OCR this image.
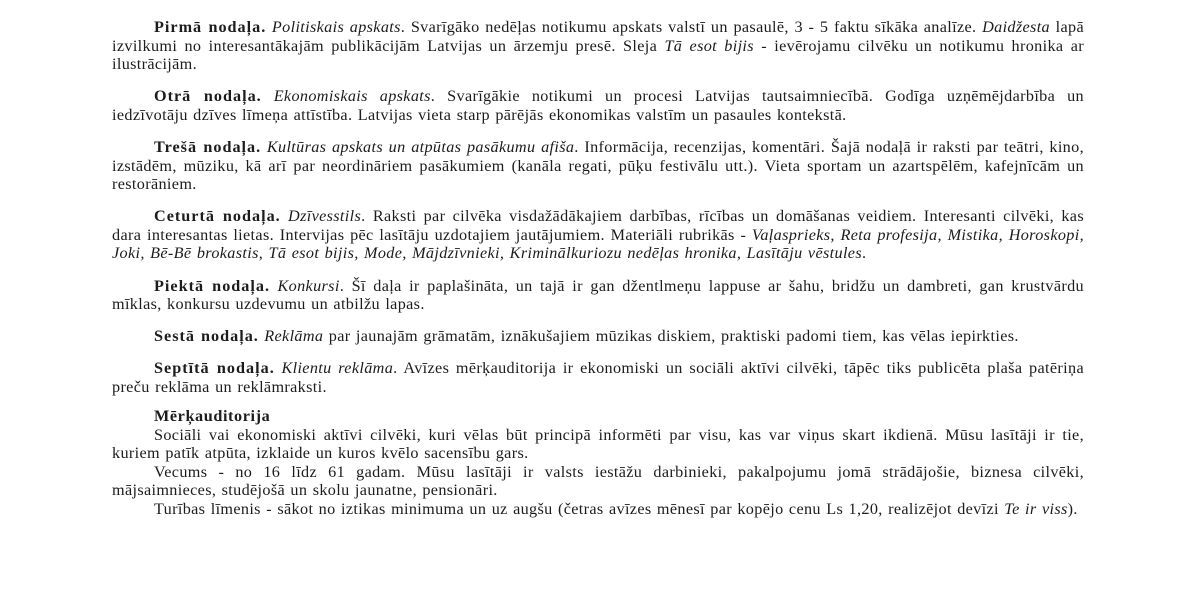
Pirmā nodaļa. Politiskais apskats. Svarīgāko nedēļas notikumu apskats valstī un pasaulē, 3 - 5 faktu sīkāka analīze. Daidžesta lapā izvilkumi no interesantākajām publikācijām Latvijas un ārzemju presē. Sleja Tā esot bijis - ievērojamu cilvēku un notikumu hronika ar ilustrācijām.

Otrā nodaļa. Ekonomiskais apskats. Svarīgākie notikumi un procesi Latvijas tautsaimniecībā. Godīga uzņēmējdarbība un iedzīvotāju dzīves līmeņa attīstība. Latvijas vieta starp pārējās ekonomikas valstīm un pasaules kontekstā.

Trešā nodaļa. Kultūras apskats un atpūtas pasākumu afiša. Informācija, recenzijas, komentāri. Šajā nodaļā ir raksti par teātri, kino, izstādēm, mūziku, kā arī par neordināriem pasākumiem (kanāla regati, pūķu festivālu utt.). Vieta sportam un azartspēlēm, kafejnīcām un restorāniem.

Ceturtā nodaļa. Dzīvesstils. Raksti par cilvēka visdažādākajiem darbības, rīcības un domāšanas veidiem. Interesanti cilvēki, kas dara interesantas lietas. Intervijas pēc lasītāju uzdotajiem jautājumiem. Materiāli rubrikās - Vaļasprieks, Reta profesija, Mistika, Horoskopi, Joki, Bē-Bē brokastis, Tā esot bijis, Mode, Mājdzīvnieki, Kriminālkuriozu nedēļas hronika, Lasītāju vēstules.

Piektā nodaļa. Konkursi. Šī daļa ir paplašināta, un tajā ir gan džentlmeņu lappuse ar šahu, bridžu un dambreti, gan krustvārdu mīklas, konkursu uzdevumu un atbilžu lapas.

Sestā nodaļa. Reklāma par jaunajām grāmatām, iznākušajiem mūzikas diskiem, praktiski padomi tiem, kas vēlas iepirkties.

Septītā nodaļa. Klientu reklāma. Avīzes mērķauditorija ir ekonomiski un sociāli aktīvi cilvēki, tāpēc tiks publicēta plaša patēriņa preču reklāma un reklāmraksti.

Mērķauditorija

Sociāli vai ekonomiski aktīvi cilvēki, kuri vēlas būt principā informēti par visu, kas var viņus skart ikdienā. Mūsu lasītāji ir tie, kuriem patīk atpūta, izklaide un kuros kvēlo sacensību gars.

Vecums - no 16 līdz 61 gadam. Mūsu lasītāji ir valsts iestāžu darbinieki, pakalpojumu jomā strādājošie, biznesa cilvēki, mājsaimnieces, studējošā un skolu jaunatne, pensionāri.

Turības līmenis - sākot no iztikas minimuma un uz augšu (četras avīzes mēnesī par kopējo cenu Ls 1,20, realizējot devīzi Te ir viss).
